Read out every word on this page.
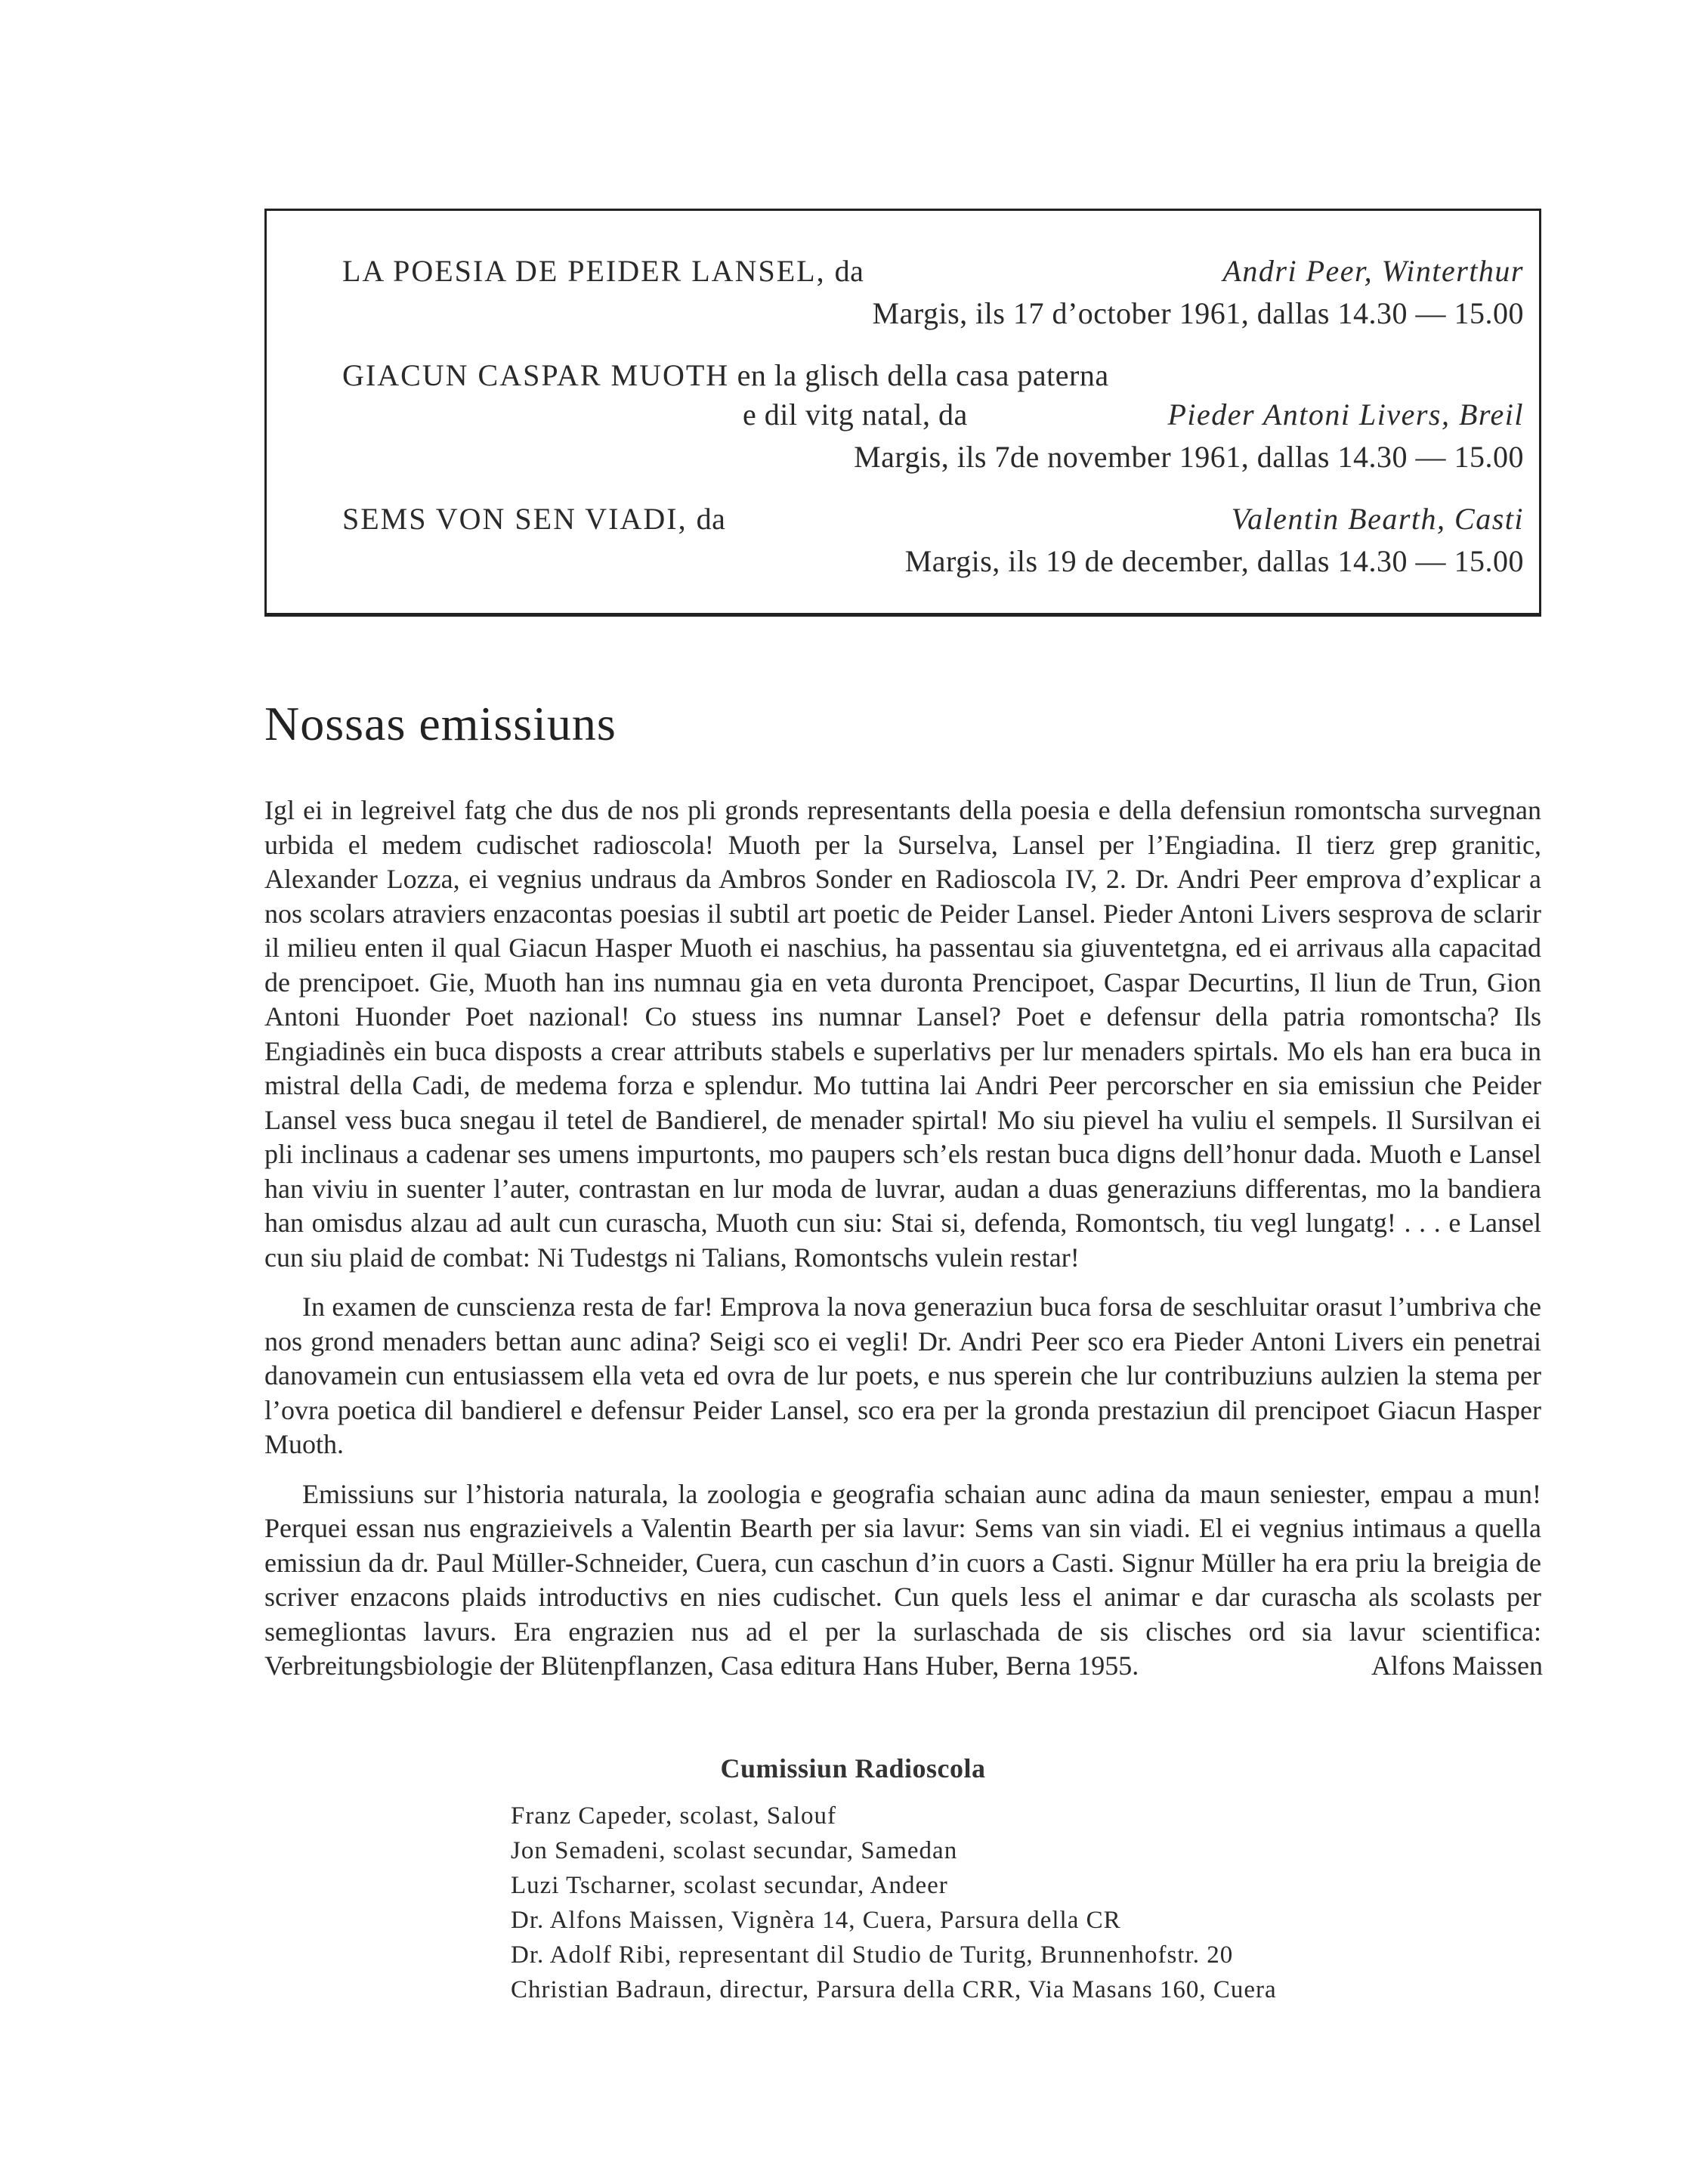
LA POESIA DE PEIDER LANSEL, da	Andri Peer, Winterthur
Margis, ils 17 d’october 1961, dallas 14.30 — 15.00
GIACUN CASPAR MUOTH en la glisch della casa paterna
e dil vitg natal, da	Pieder Antoni Livers, Breil
Margis, ils 7de november 1961, dallas 14.30 — 15.00
SEMS VON SEN VIADI, da	Valentin Bearth, Casti
Margis, ils 19 de december, dallas 14.30 — 15.00
Nossas emissiuns

Igl ei in legreivel fatg che dus de nos pli gronds representants della poesia e della defensiun romontscha survegnan urbida el medem cudischet radioscola! Muoth per la Surselva, Lansel per l’Engiadina. Il tierz grep granitic, Alexander Lozza, ei vegnius undraus da Ambros Sonder en Radioscola IV, 2. Dr. Andri Peer emprova d’explicar a nos scolars atraviers enzacontas poesias il subtil art poetic de Peider Lansel. Pieder Antoni Livers sesprova de sclarir il milieu enten il qual Giacun Hasper Muoth ei naschius, ha passentau sia giuventetgna, ed ei arrivaus alla capacitad de prencipoet. Gie, Muoth han ins numnau gia en veta duronta Prencipoet, Caspar Decurtins, Il liun de Trun, Gion Antoni Huonder Poet nazional! Co stuess ins numnar Lansel? Poet e defensur della patria romontscha? Ils Engiadinès ein buca disposts a crear attributs stabels e superlativs per lur menaders spirtals. Mo els han era buca in mistral della Cadi, de medema forza e splendur. Mo tuttina lai Andri Peer percorscher en sia emissiun che Peider Lansel vess buca snegau il tetel de Bandierel, de menader spirtal! Mo siu pievel ha vuliu el sempels. Il Sursilvan ei pli inclinaus a cadenar ses umens impurtonts, mo paupers sch’els restan buca digns dell’honur dada. Muoth e Lansel han viviu in suenter l’auter, contrastan en lur moda de luvrar, audan a duas generaziuns differentas, mo la bandiera han omisdus alzau ad ault cun curascha, Muoth cun siu: Stai si, defenda, Romontsch, tiu vegl lungatg! . . . e Lansel cun siu plaid de combat: Ni Tudestgs ni Talians, Romontschs vulein restar!

In examen de cunscienza resta de far! Emprova la nova generaziun buca forsa de seschluitar orasut l’umbriva che nos grond menaders bettan aunc adina? Seigi sco ei vegli! Dr. Andri Peer sco era Pieder Antoni Livers ein penetrai danovamein cun entusiassem ella veta ed ovra de lur poets, e nus sperein che lur contribuziuns aulzien la stema per l’ovra poetica dil bandierel e defensur Peider Lansel, sco era per la gronda prestaziun dil prencipoet Giacun Hasper Muoth.

Emissiuns sur l’historia naturala, la zoologia e geografia schaian aunc adina da maun seniester, empau a mun! Perquei essan nus engrazieivels a Valentin Bearth per sia lavur: Sems van sin viadi. El ei vegnius intimaus a quella emissiun da dr. Paul Müller-Schneider, Cuera, cun caschun d’in cuors a Casti. Signur Müller ha era priu la breigia de scriver enzacons plaids introductivs en nies cudischet. Cun quels less el animar e dar curascha als scolasts per semegliontas lavurs. Era engrazien nus ad el per la surlaschada de sis clisches ord sia lavur scientifica: Verbreitungsbiologie der Blütenpflanzen, Casa editura Hans Huber, Berna 1955.	Alfons Maissen

Cumissiun Radioscola
Franz Capeder, scolast, Salouf
Jon Semadeni, scolast secundar, Samedan
Luzi Tscharner, scolast secundar, Andeer
Dr. Alfons Maissen, Vignèra 14, Cuera, Parsura della CR
Dr. Adolf Ribi, representant dil Studio de Turitg, Brunnenhofstr. 20
Christian Badraun, directur, Parsura della CRR, Via Masans 160, Cuera
